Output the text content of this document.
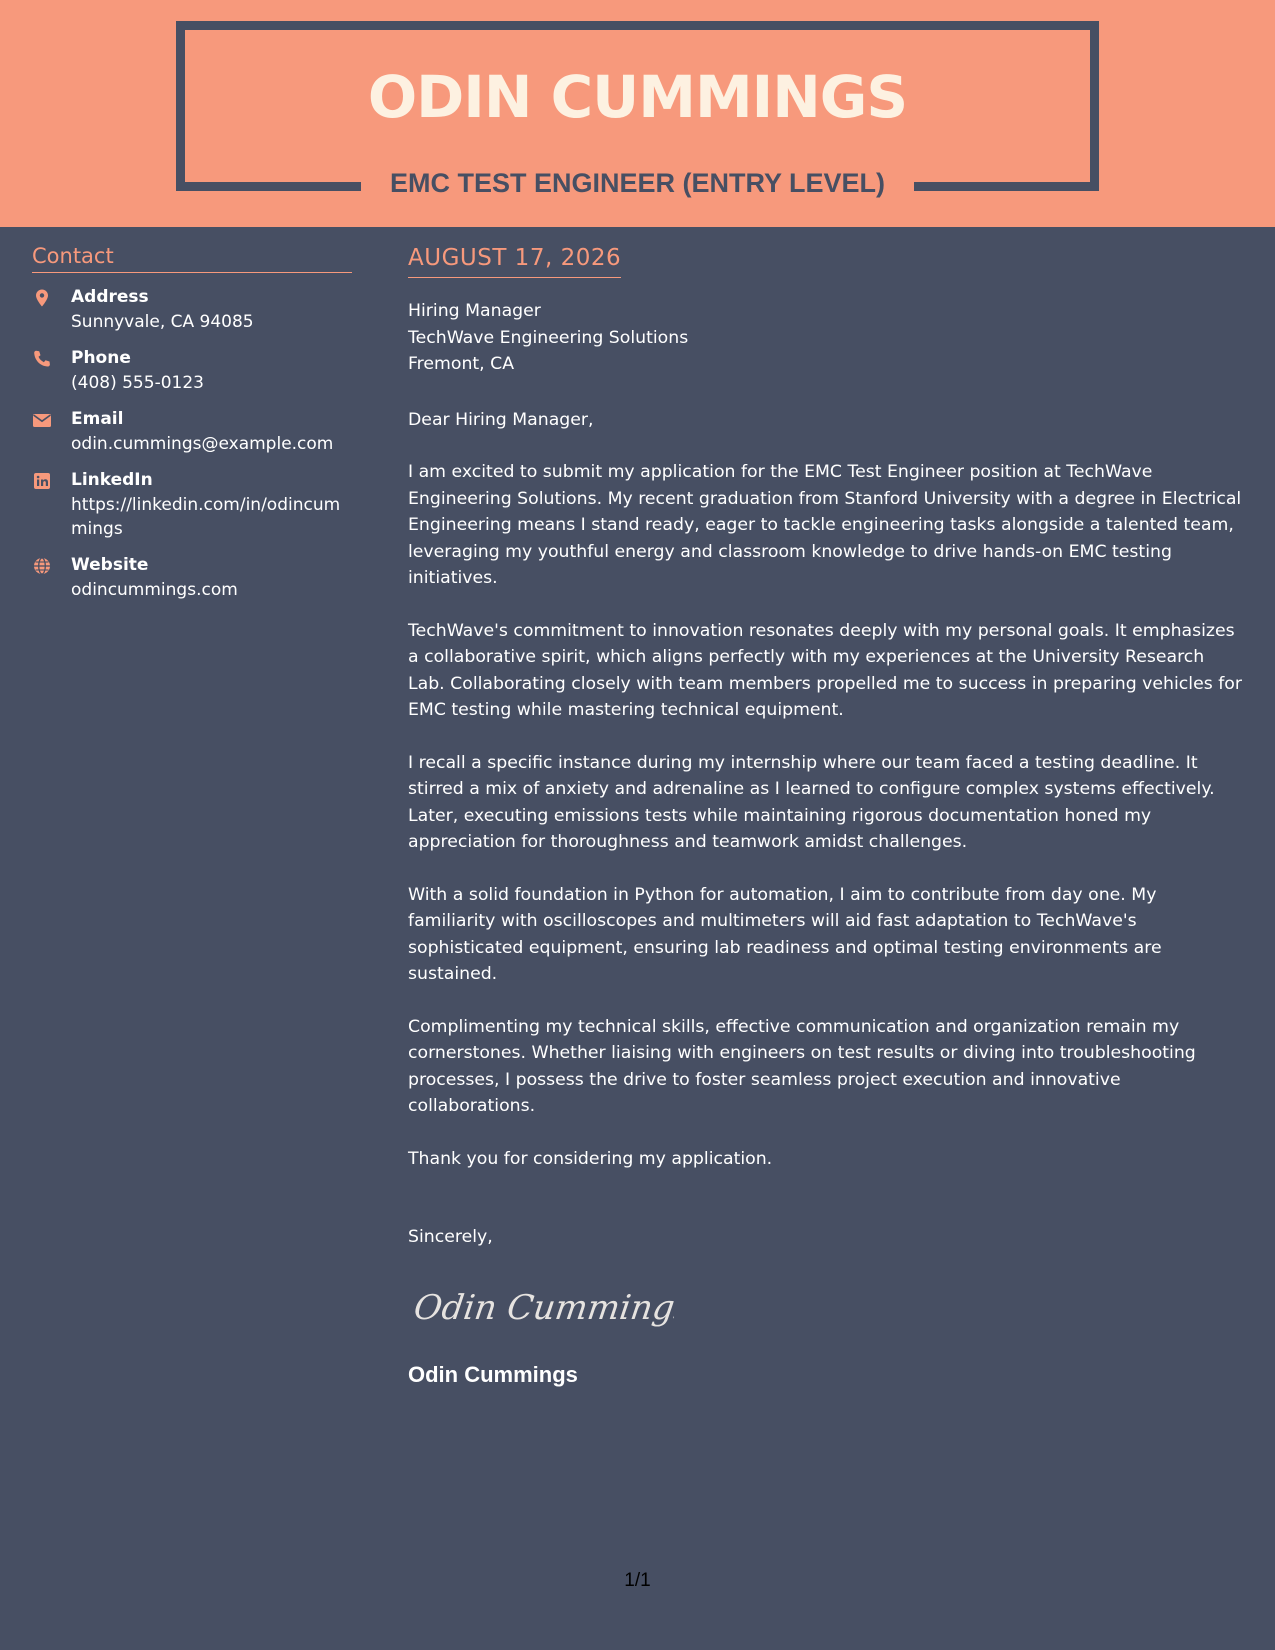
ODIN CUMMINGS
EMC TEST ENGINEER (ENTRY LEVEL)
Contact
Address
Sunnyvale, CA 94085
Phone
(408) 555-0123
Email
odin.cummings@example.com
LinkedIn
https://linkedin.com/in/odincummings
Website
odincummings.com
AUGUST 17, 2026
Hiring Manager
TechWave Engineering Solutions
Fremont, CA
Dear Hiring Manager,
I am excited to submit my application for the EMC Test Engineer position at TechWave Engineering Solutions. My recent graduation from Stanford University with a degree in Electrical Engineering means I stand ready, eager to tackle engineering tasks alongside a talented team, leveraging my youthful energy and classroom knowledge to drive hands-on EMC testing initiatives.
TechWave's commitment to innovation resonates deeply with my personal goals. It emphasizes a collaborative spirit, which aligns perfectly with my experiences at the University Research Lab. Collaborating closely with team members propelled me to success in preparing vehicles for EMC testing while mastering technical equipment.
I recall a specific instance during my internship where our team faced a testing deadline. It stirred a mix of anxiety and adrenaline as I learned to configure complex systems effectively. Later, executing emissions tests while maintaining rigorous documentation honed my appreciation for thoroughness and teamwork amidst challenges.
With a solid foundation in Python for automation, I aim to contribute from day one. My familiarity with oscilloscopes and multimeters will aid fast adaptation to TechWave's sophisticated equipment, ensuring lab readiness and optimal testing environments are sustained.
Complimenting my technical skills, effective communication and organization remain my cornerstones. Whether liaising with engineers on test results or diving into troubleshooting processes, I possess the drive to foster seamless project execution and innovative collaborations.
Thank you for considering my application.
Sincerely,
Odin Cummings
Odin Cummings
1/1
